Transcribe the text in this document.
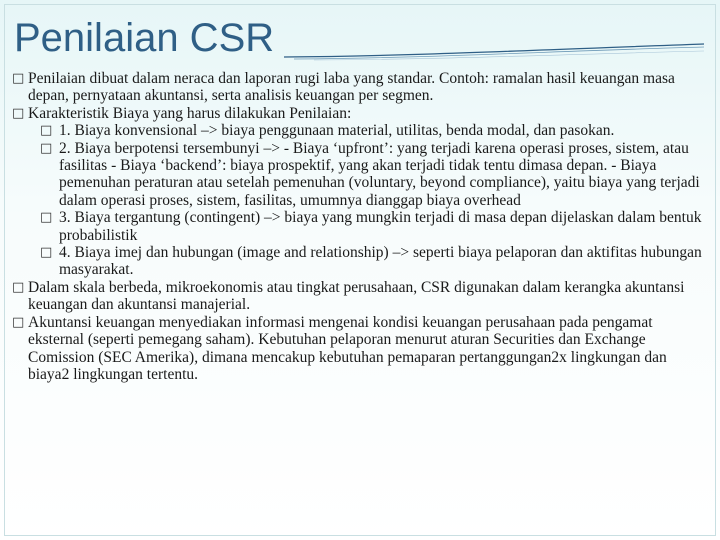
Penilaian CSR
□ Penilaian dibuat dalam neraca dan laporan rugi laba yang standar. Contoh: ramalan hasil keuangan masa depan, pernyataan akuntansi, serta analisis keuangan per segmen.
□ Karakteristik Biaya yang harus dilakukan Penilaian:
□ 1. Biaya konvensional –> biaya penggunaan material, utilitas, benda modal, dan pasokan.
□ 2. Biaya berpotensi tersembunyi –> - Biaya ‘upfront’: yang terjadi karena operasi proses, sistem, atau fasilitas - Biaya ‘backend’: biaya prospektif, yang akan terjadi tidak tentu dimasa depan. - Biaya pemenuhan peraturan atau setelah pemenuhan (voluntary, beyond compliance), yaitu biaya yang terjadi dalam operasi proses, sistem, fasilitas, umumnya dianggap biaya overhead
□ 3. Biaya tergantung (contingent) –> biaya yang mungkin terjadi di masa depan dijelaskan dalam bentuk probabilistik
□ 4. Biaya imej dan hubungan (image and relationship) –> seperti biaya pelaporan dan aktifitas hubungan masyarakat.
□ Dalam skala berbeda, mikroekonomis atau tingkat perusahaan, CSR digunakan dalam kerangka akuntansi keuangan dan akuntansi manajerial.
□ Akuntansi keuangan menyediakan informasi mengenai kondisi keuangan perusahaan pada pengamat eksternal (seperti pemegang saham). Kebutuhan pelaporan menurut aturan Securities dan Exchange Comission (SEC Amerika), dimana mencakup kebutuhan pemaparan pertanggungan2x lingkungan dan biaya2 lingkungan tertentu.
